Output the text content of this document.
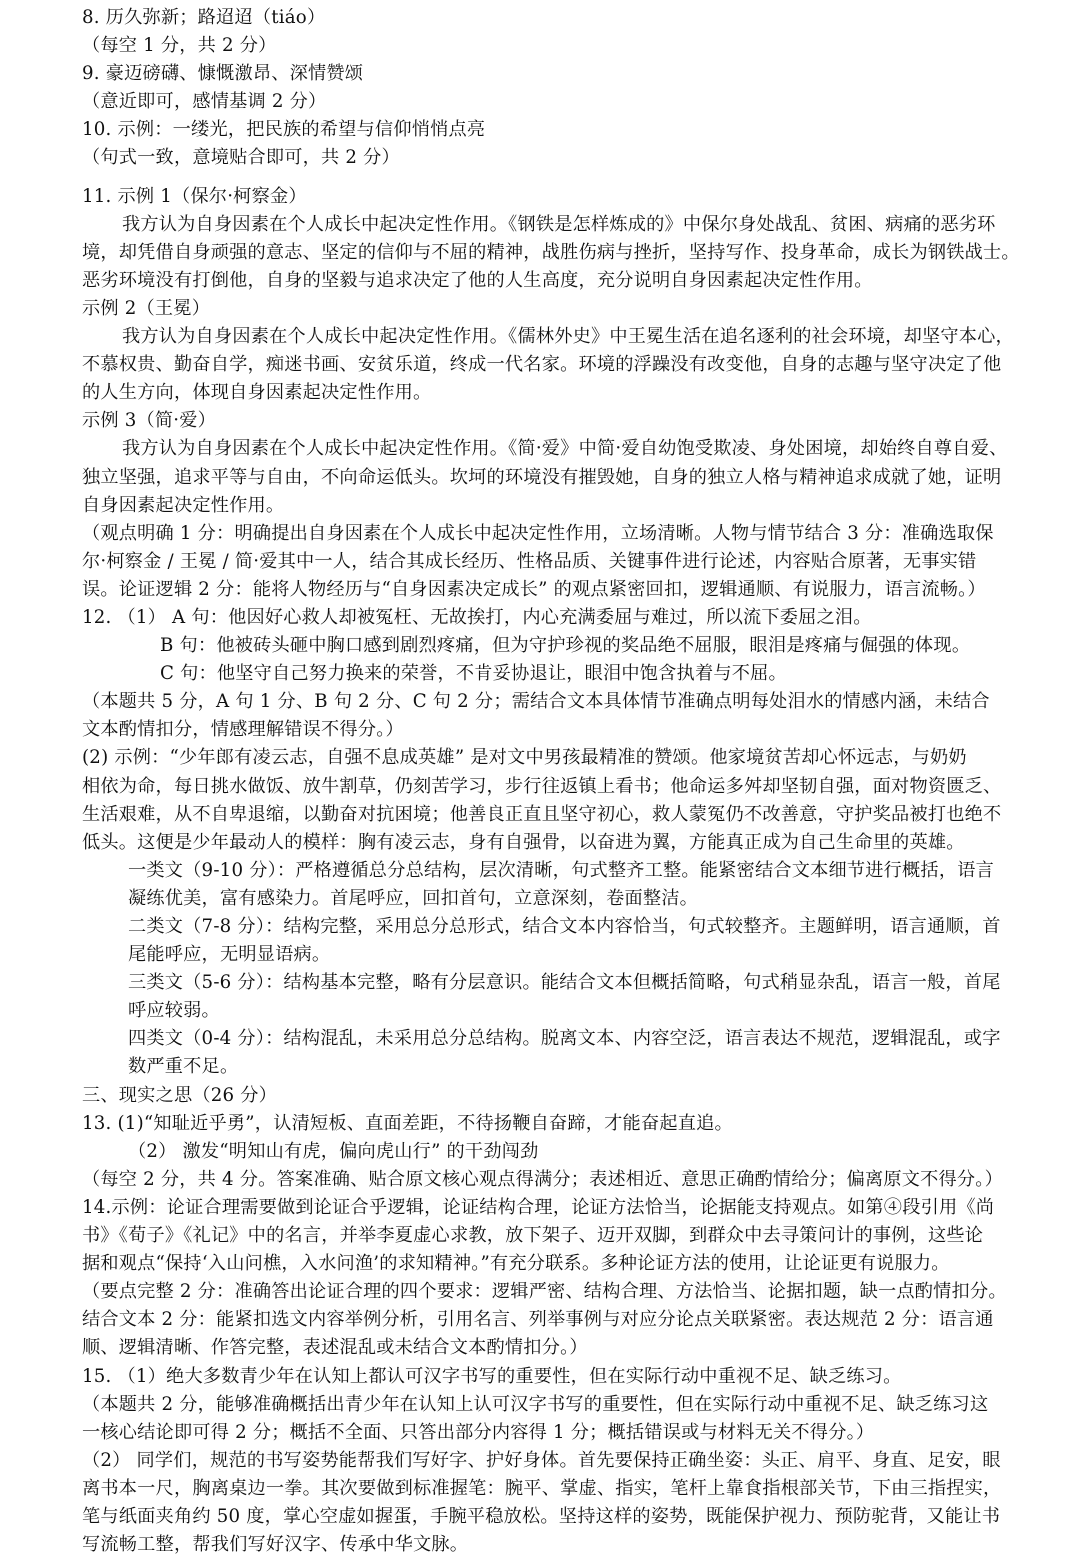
8. 历久弥新；路迢迢（tiáo）
（每空 1 分，共 2 分）
9. 豪迈磅礴、慷慨激昂、深情赞颂
（意近即可，感情基调 2 分）
10. 示例：一缕光，把民族的希望与信仰悄悄点亮
（句式一致，意境贴合即可，共 2 分）
11. 示例 1（保尔·柯察金）
我方认为自身因素在个人成长中起决定性作用。《钢铁是怎样炼成的》中保尔身处战乱、贫困、病痛的恶劣环
境，却凭借自身顽强的意志、坚定的信仰与不屈的精神，战胜伤病与挫折，坚持写作、投身革命，成长为钢铁战士。
恶劣环境没有打倒他，自身的坚毅与追求决定了他的人生高度，充分说明自身因素起决定性作用。
示例 2（王冕）
我方认为自身因素在个人成长中起决定性作用。《儒林外史》中王冕生活在追名逐利的社会环境，却坚守本心，
不慕权贵、勤奋自学，痴迷书画、安贫乐道，终成一代名家。环境的浮躁没有改变他，自身的志趣与坚守决定了他
的人生方向，体现自身因素起决定性作用。
示例 3（简·爱）
我方认为自身因素在个人成长中起决定性作用。《简·爱》中简·爱自幼饱受欺凌、身处困境，却始终自尊自爱、
独立坚强，追求平等与自由，不向命运低头。坎坷的环境没有摧毁她，自身的独立人格与精神追求成就了她，证明
自身因素起决定性作用。
（观点明确 1 分：明确提出自身因素在个人成长中起决定性作用，立场清晰。人物与情节结合 3 分：准确选取保
尔·柯察金 / 王冕 / 简·爱其中一人，结合其成长经历、性格品质、关键事件进行论述，内容贴合原著，无事实错
误。论证逻辑 2 分：能将人物经历与“自身因素决定成长” 的观点紧密回扣，逻辑通顺、有说服力，语言流畅。）
12. （1） A 句：他因好心救人却被冤枉、无故挨打，内心充满委屈与难过，所以流下委屈之泪。
B 句：他被砖头砸中胸口感到剧烈疼痛，但为守护珍视的奖品绝不屈服，眼泪是疼痛与倔强的体现。
C 句：他坚守自己努力换来的荣誉，不肯妥协退让，眼泪中饱含执着与不屈。
（本题共 5 分，A 句 1 分、B 句 2 分、C 句 2 分；需结合文本具体情节准确点明每处泪水的情感内涵，未结合
文本酌情扣分，情感理解错误不得分。）
(2) 示例：“少年郎有凌云志，自强不息成英雄” 是对文中男孩最精准的赞颂。他家境贫苦却心怀远志，与奶奶
相依为命，每日挑水做饭、放牛割草，仍刻苦学习，步行往返镇上看书；他命运多舛却坚韧自强，面对物资匮乏、
生活艰难，从不自卑退缩，以勤奋对抗困境；他善良正直且坚守初心，救人蒙冤仍不改善意，守护奖品被打也绝不
低头。这便是少年最动人的模样：胸有凌云志，身有自强骨，以奋进为翼，方能真正成为自己生命里的英雄。
一类文（9-10 分）：严格遵循总分总结构，层次清晰，句式整齐工整。能紧密结合文本细节进行概括，语言
凝练优美，富有感染力。首尾呼应，回扣首句，立意深刻，卷面整洁。
二类文（7-8 分）：结构完整，采用总分总形式，结合文本内容恰当，句式较整齐。主题鲜明，语言通顺，首
尾能呼应，无明显语病。
三类文（5-6 分）：结构基本完整，略有分层意识。能结合文本但概括简略，句式稍显杂乱，语言一般，首尾
呼应较弱。
四类文（0-4 分）：结构混乱，未采用总分总结构。脱离文本、内容空泛，语言表达不规范，逻辑混乱，或字
数严重不足。
三、现实之思（26 分）
13. (1)“知耻近乎勇”，认清短板、直面差距，不待扬鞭自奋蹄，才能奋起直追。
（2） 激发“明知山有虎，偏向虎山行” 的干劲闯劲
（每空 2 分，共 4 分。答案准确、贴合原文核心观点得满分；表述相近、意思正确酌情给分；偏离原文不得分。）
14.示例：论证合理需要做到论证合乎逻辑，论证结构合理，论证方法恰当，论据能支持观点。如第④段引用《尚
书》《荀子》《礼记》中的名言，并举李夏虚心求教，放下架子、迈开双脚，到群众中去寻策问计的事例，这些论
据和观点“保持‘入山问樵，入水问渔’的求知精神。”有充分联系。多种论证方法的使用，让论证更有说服力。
（要点完整 2 分：准确答出论证合理的四个要求：逻辑严密、结构合理、方法恰当、论据扣题，缺一点酌情扣分。
结合文本 2 分：能紧扣选文内容举例分析，引用名言、列举事例与对应分论点关联紧密。表达规范 2 分：语言通
顺、逻辑清晰、作答完整，表述混乱或未结合文本酌情扣分。）
15. （1）绝大多数青少年在认知上都认可汉字书写的重要性，但在实际行动中重视不足、缺乏练习。
（本题共 2 分，能够准确概括出青少年在认知上认可汉字书写的重要性，但在实际行动中重视不足、缺乏练习这
一核心结论即可得 2 分；概括不全面、只答出部分内容得 1 分；概括错误或与材料无关不得分。）
（2） 同学们，规范的书写姿势能帮我们写好字、护好身体。首先要保持正确坐姿：头正、肩平、身直、足安，眼
离书本一尺，胸离桌边一拳。其次要做到标准握笔：腕平、掌虚、指实，笔杆上靠食指根部关节，下由三指捏实，
笔与纸面夹角约 50 度，掌心空虚如握蛋，手腕平稳放松。坚持这样的姿势，既能保护视力、预防驼背，又能让书
写流畅工整，帮我们写好汉字、传承中华文脉。
